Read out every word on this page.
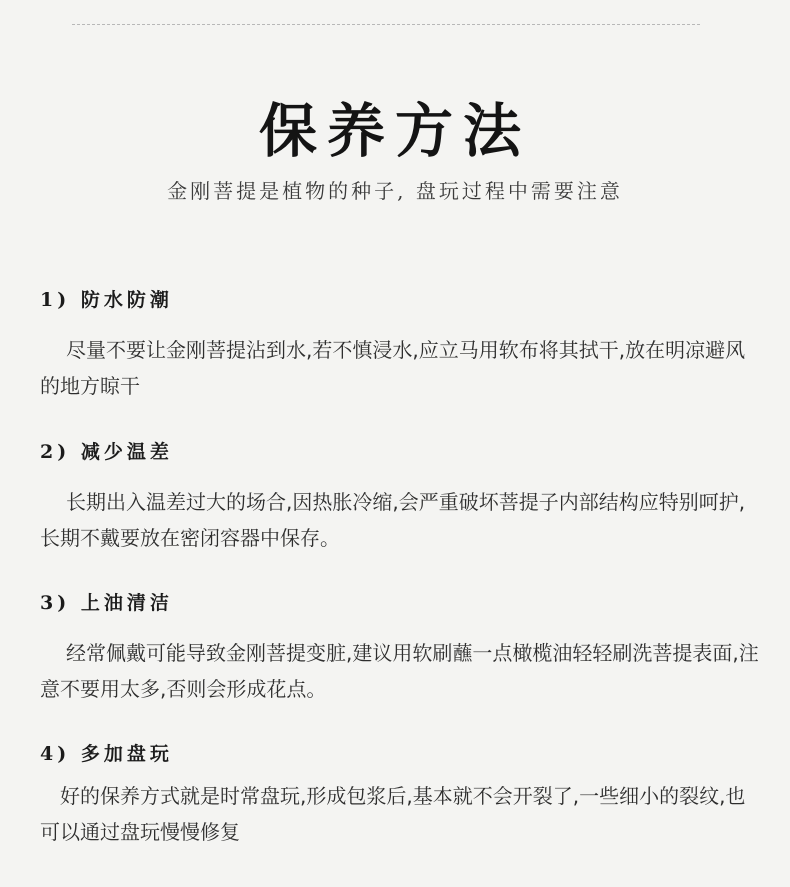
保养方法

金刚菩提是植物的种子, 盘玩过程中需要注意

1) 防水防潮

尽量不要让金刚菩提沾到水,若不慎浸水,应立马用软布将其拭干,放在明凉避风的地方晾干

2) 减少温差

长期出入温差过大的场合,因热胀冷缩,会严重破坏菩提子内部结构应特别呵护,长期不戴要放在密闭容器中保存。

3) 上油清洁

经常佩戴可能导致金刚菩提变脏,建议用软刷蘸一点橄榄油轻轻刷洗菩提表面,注意不要用太多,否则会形成花点。

4) 多加盘玩

好的保养方式就是时常盘玩,形成包浆后,基本就不会开裂了,一些细小的裂纹,也可以通过盘玩慢慢修复
